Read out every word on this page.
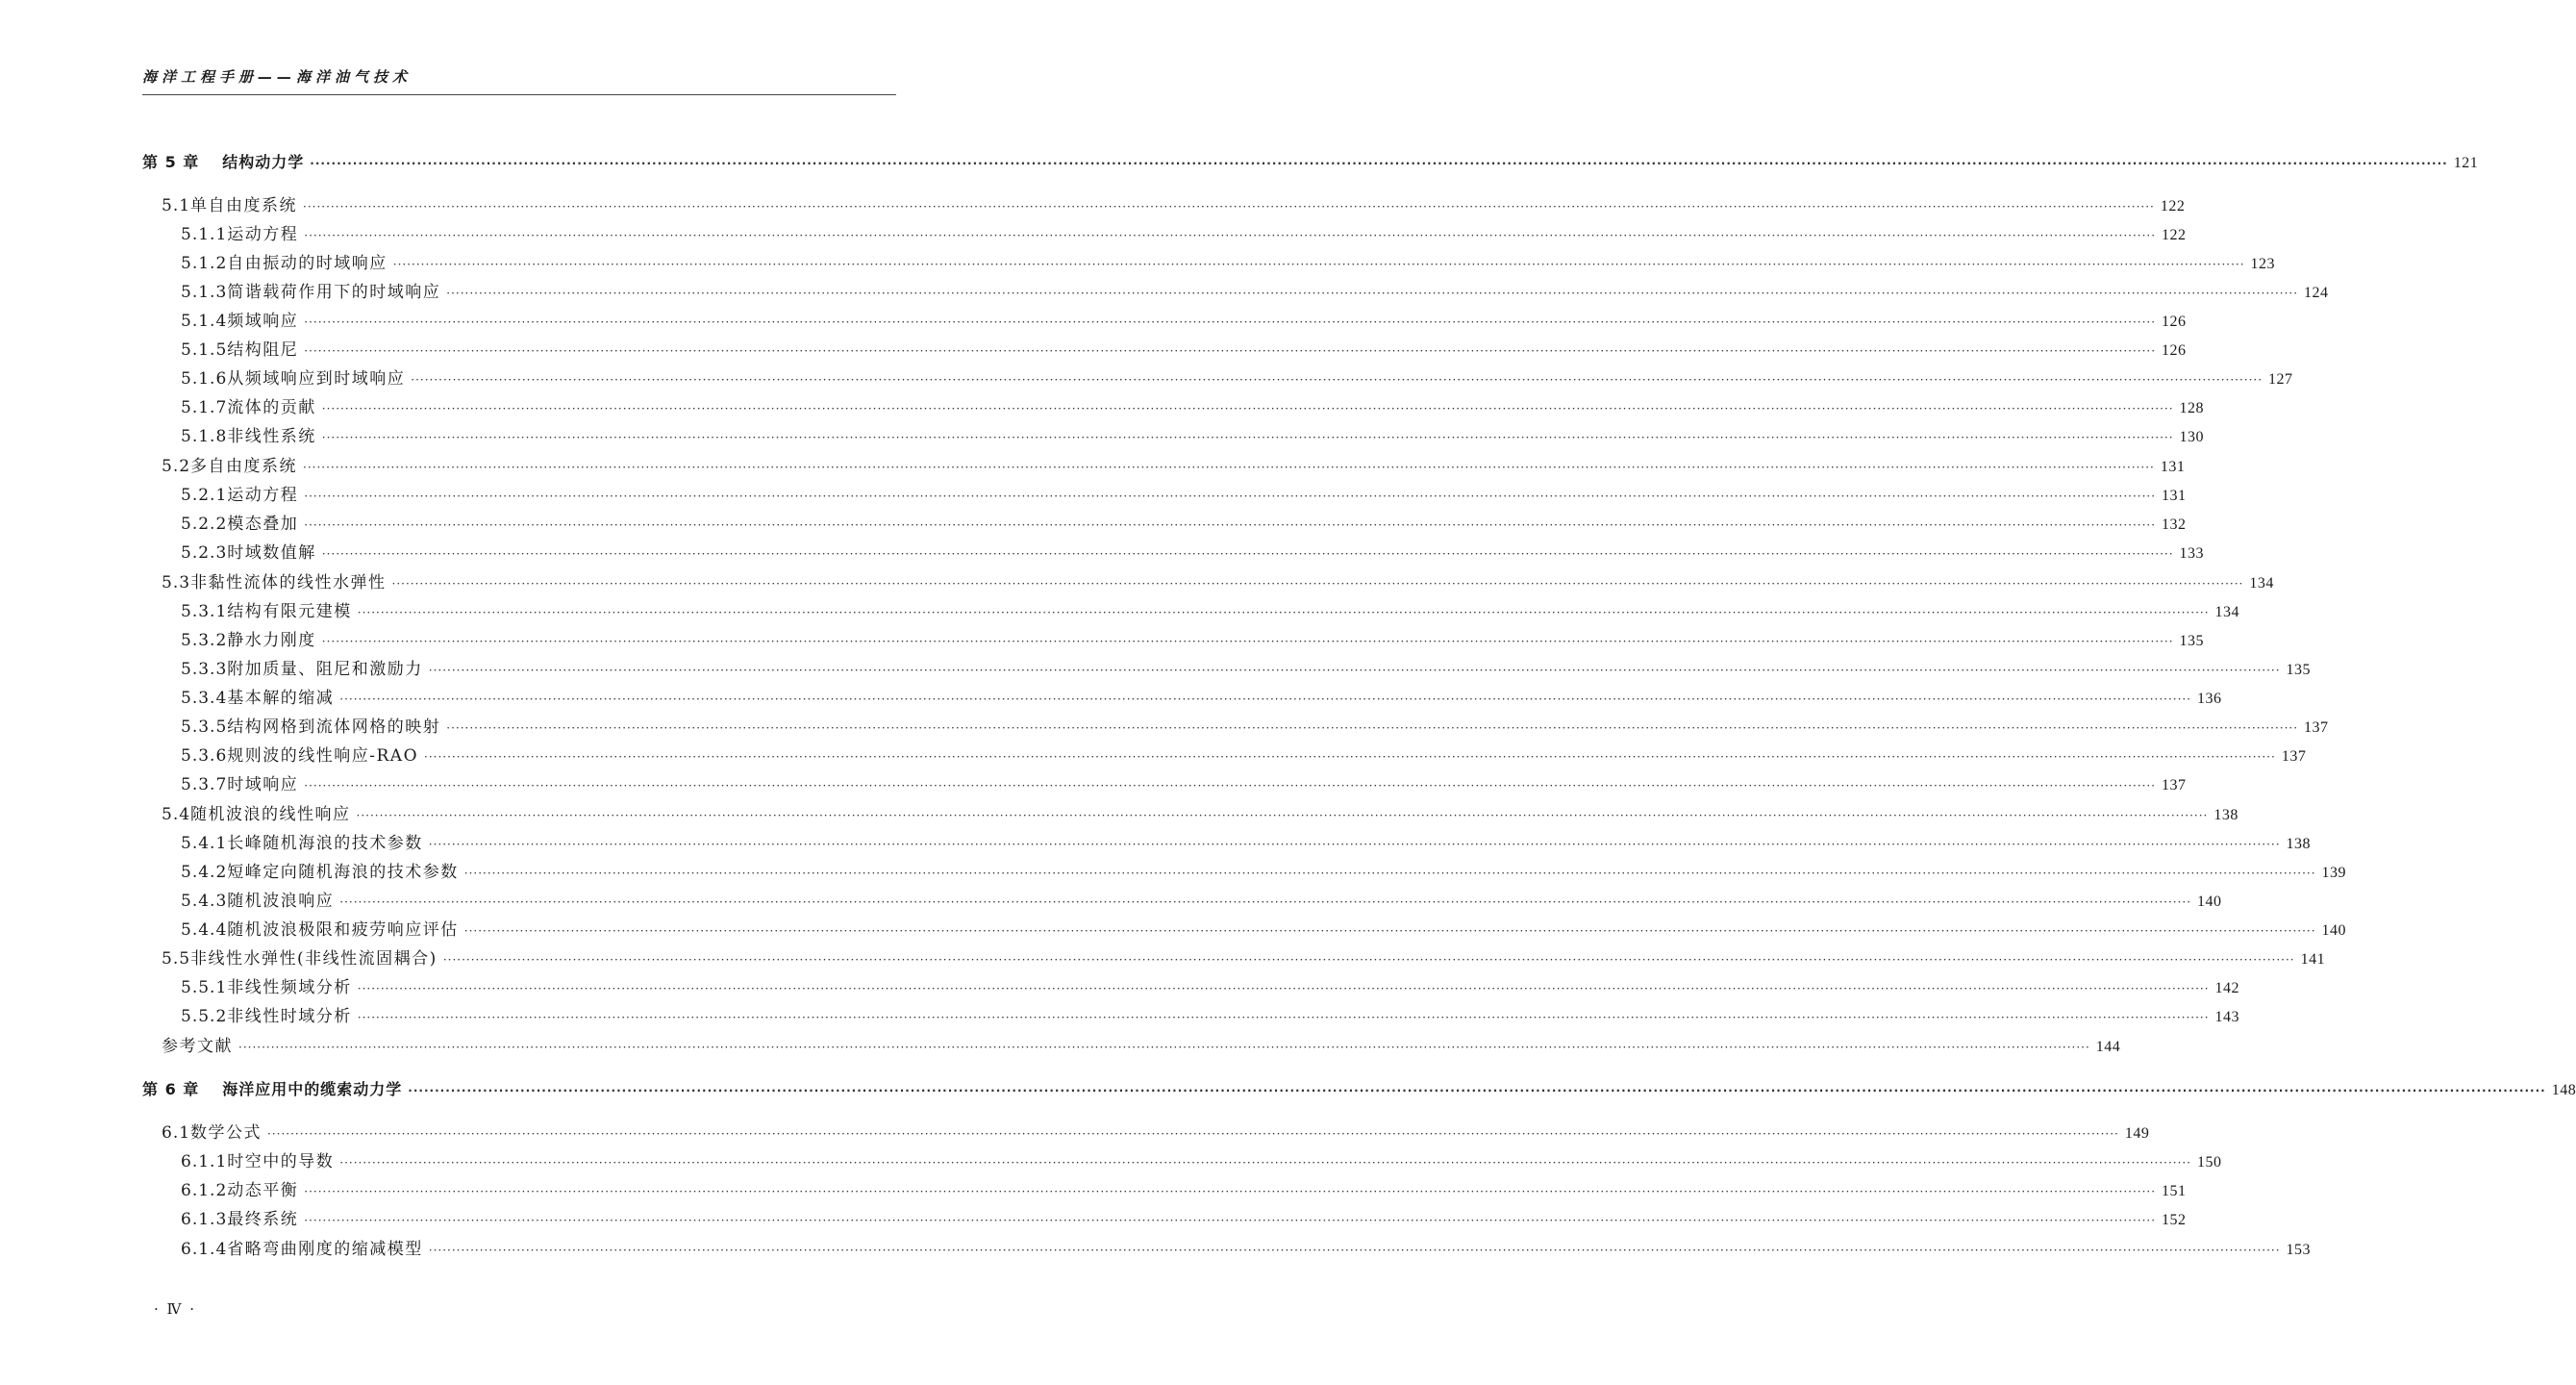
海洋工程手册——海洋油气技术
第 5 章 结构动力学 ················································································································································································································································································································································································································ 121
5.1 单自由度系统 ················································································································································································································································································································································································································ 122
5.1.1 运动方程 ················································································································································································································································································································································································································ 122
5.1.2 自由振动的时域响应 ················································································································································································································································································································································································································ 123
5.1.3 简谐载荷作用下的时域响应 ················································································································································································································································································································································································································ 124
5.1.4 频域响应 ················································································································································································································································································································································································································ 126
5.1.5 结构阻尼 ················································································································································································································································································································································································································ 126
5.1.6 从频域响应到时域响应 ················································································································································································································································································································································································································ 127
5.1.7 流体的贡献 ················································································································································································································································································································································································································ 128
5.1.8 非线性系统 ················································································································································································································································································································································································································ 130
5.2 多自由度系统 ················································································································································································································································································································································································································ 131
5.2.1 运动方程 ················································································································································································································································································································································································································ 131
5.2.2 模态叠加 ················································································································································································································································································································································································································ 132
5.2.3 时域数值解 ················································································································································································································································································································································································································ 133
5.3 非黏性流体的线性水弹性 ················································································································································································································································································································································································································ 134
5.3.1 结构有限元建模 ················································································································································································································································································································································································································ 134
5.3.2 静水力刚度 ················································································································································································································································································································································································································ 135
5.3.3 附加质量、阻尼和激励力 ················································································································································································································································································································································································································ 135
5.3.4 基本解的缩减 ················································································································································································································································································································································································································ 136
5.3.5 结构网格到流体网格的映射 ················································································································································································································································································································································································································ 137
5.3.6 规则波的线性响应-RAO ················································································································································································································································································································································································································ 137
5.3.7 时域响应 ················································································································································································································································································································································································································ 137
5.4 随机波浪的线性响应 ················································································································································································································································································································································································································ 138
5.4.1 长峰随机海浪的技术参数 ················································································································································································································································································································································································································ 138
5.4.2 短峰定向随机海浪的技术参数 ················································································································································································································································································································································································································ 139
5.4.3 随机波浪响应 ················································································································································································································································································································································································································ 140
5.4.4 随机波浪极限和疲劳响应评估 ················································································································································································································································································································································································································ 140
5.5 非线性水弹性(非线性流固耦合) ················································································································································································································································································································································································································ 141
5.5.1 非线性频域分析 ················································································································································································································································································································································································································ 142
5.5.2 非线性时域分析 ················································································································································································································································································································································································································ 143
参考文献 ················································································································································································································································································································································································································ 144
第 6 章 海洋应用中的缆索动力学 ················································································································································································································································································································································································································ 148
6.1 数学公式 ················································································································································································································································································································································································································ 149
6.1.1 时空中的导数 ················································································································································································································································································································································································································ 150
6.1.2 动态平衡 ················································································································································································································································································································································································································ 151
6.1.3 最终系统 ················································································································································································································································································································································································································ 152
6.1.4 省略弯曲刚度的缩减模型 ················································································································································································································································································································································································································ 153
· Ⅳ ·
